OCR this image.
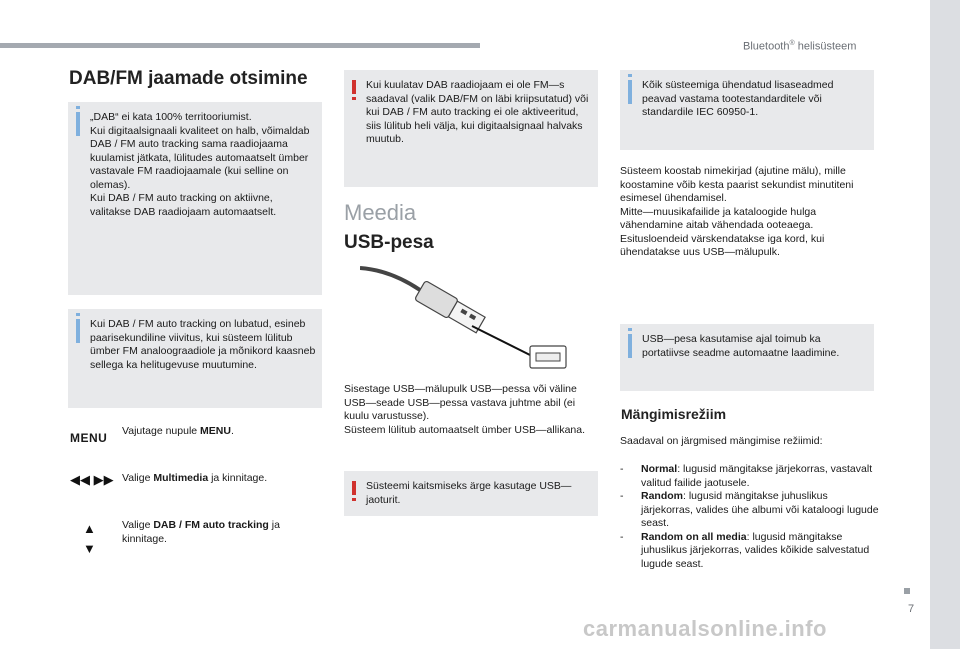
Bluetooth® helisüsteem
DAB/FM jaamade otsimine
„DAB“ ei kata 100% territooriumist.
Kui digitaalsignaali kvaliteet on halb, võimaldab DAB / FM auto tracking sama raadiojaama kuulamist jätkata, lülitudes automaatselt ümber vastavale FM raadiojaamale (kui selline on olemas).
Kui DAB / FM auto tracking on aktiivne, valitakse DAB raadiojaam automaatselt.
Kui DAB / FM auto tracking on lubatud, esineb paarisekundiline viivitus, kui süsteem lülitub ümber FM analoograadiole ja mõnikord kaasneb sellega ka helitugevuse muutumine.
MENU Vajutage nupule MENU.
◀◀ ▶▶ Valige Multimedia ja kinnitage.
▲
▼
Valige DAB / FM auto tracking ja kinnitage.
Kui kuulatav DAB raadiojaam ei ole FM—s saadaval (valik DAB/FM on läbi kriipsutatud) või kui DAB / FM auto tracking ei ole aktiveeritud, siis lülitub heli välja, kui digitaalsignaal halvaks muutub.
Meedia
USB-pesa
Sisestage USB—mälupulk USB—pessa või väline USB—seade USB—pessa vastava juhtme abil (ei kuulu varustusse).
Süsteem lülitub automaatselt ümber USB—allikana.
Süsteemi kaitsmiseks ärge kasutage USB—jaoturit.
Kõik süsteemiga ühendatud lisaseadmed peavad vastama tootestandarditele või standardile IEC 60950-1.
Süsteem koostab nimekirjad (ajutine mälu), mille koostamine võib kesta paarist sekundist minutiteni esimesel ühendamisel.
Mitte—muusikafailide ja kataloogide hulga vähendamine aitab vähendada ooteaega.
Esitusloendeid värskendatakse iga kord, kui ühendatakse uus USB—mälupulk.
USB—pesa kasutamise ajal toimub ka portatiivse seadme automaatne laadimine.
Mängimisrežiim
Saadaval on järgmised mängimise režiimid:
- Normal: lugusid mängitakse järjekorras, vastavalt valitud failide jaotusele.
- Random: lugusid mängitakse juhuslikus järjekorras, valides ühe albumi või kataloogi lugude seast.
- Random on all media: lugusid mängitakse juhuslikus järjekorras, valides kõikide salvestatud lugude seast.
7
carmanualsonline.info
